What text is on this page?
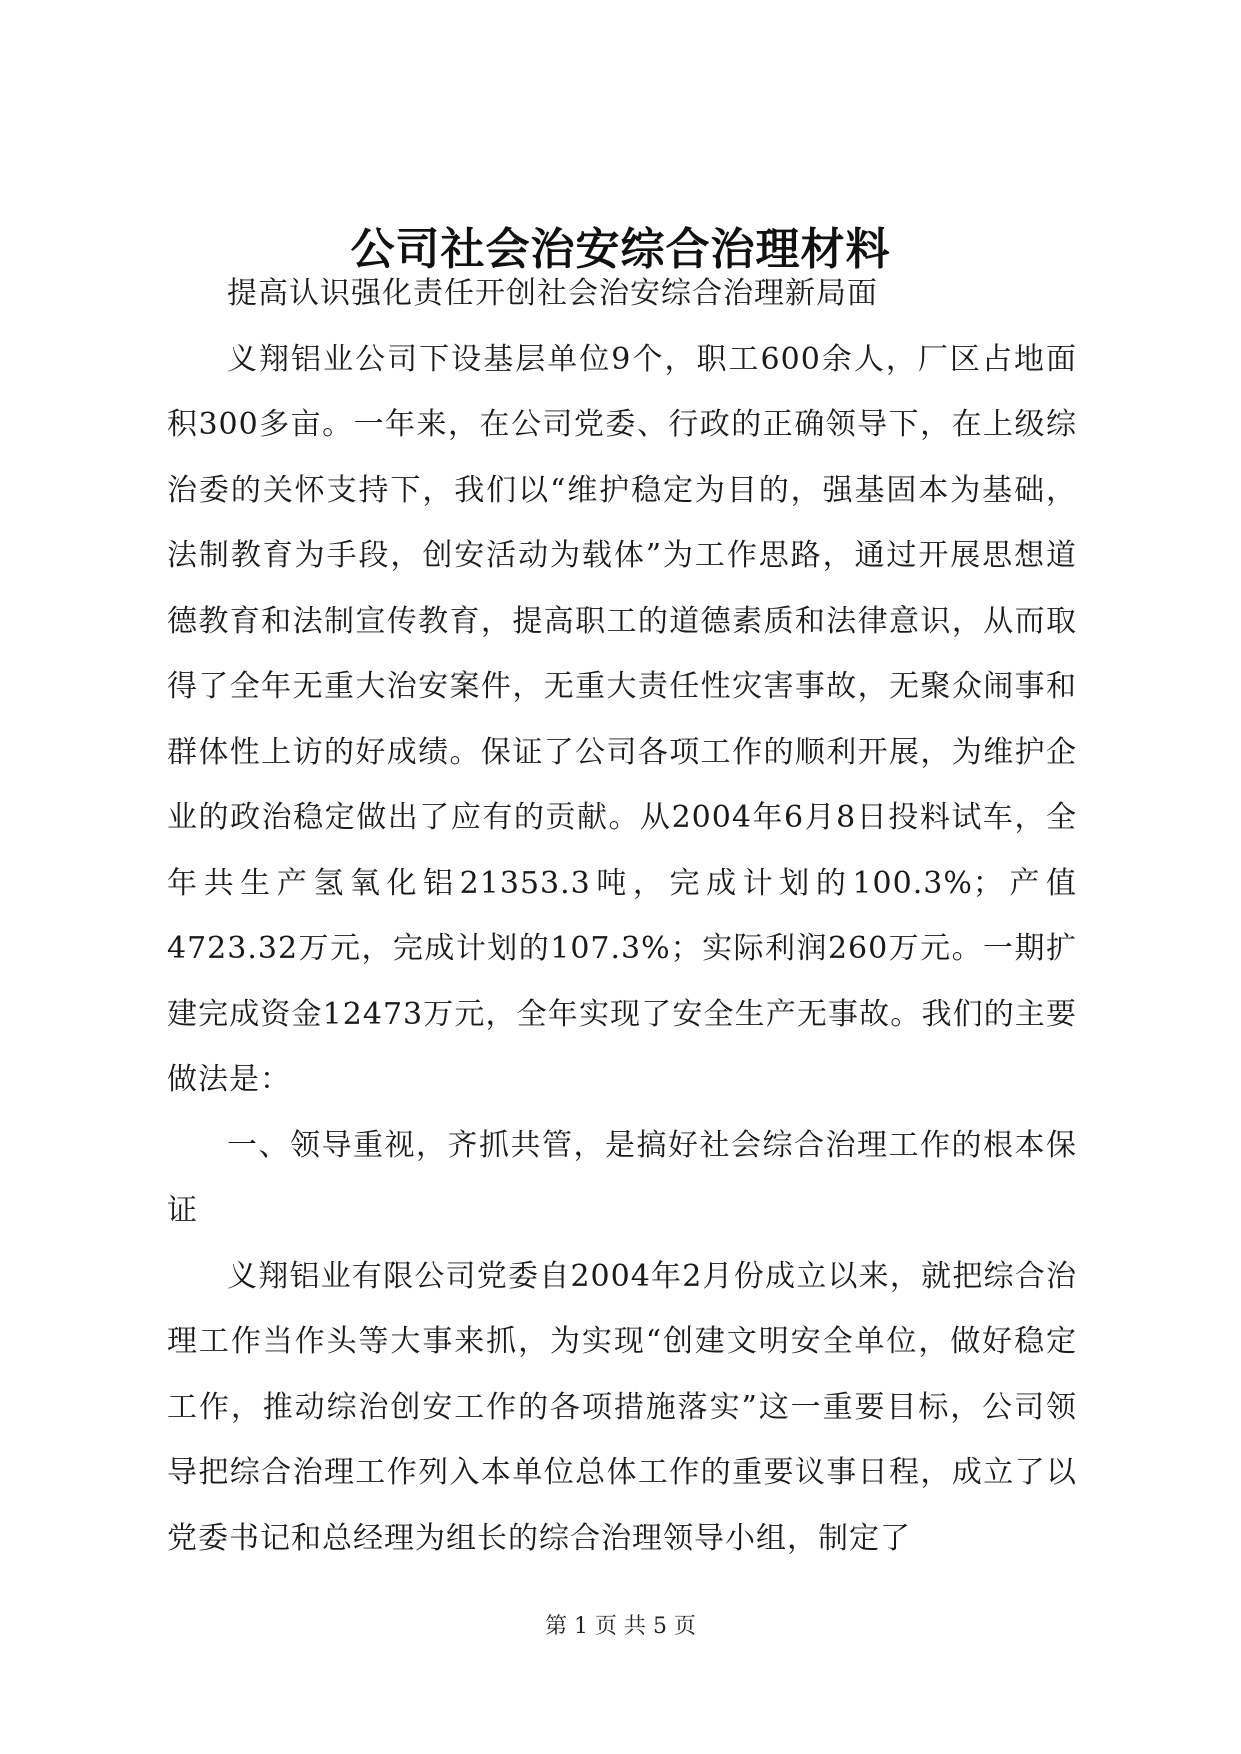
公司社会治安综合治理材料

提高认识强化责任开创社会治安综合治理新局面

义翔铝业公司下设基层单位9个，职工600余人，厂区占地面积300多亩。一年来，在公司党委、行政的正确领导下，在上级综治委的关怀支持下，我们以“维护稳定为目的，强基固本为基础，法制教育为手段，创安活动为载体”为工作思路，通过开展思想道德教育和法制宣传教育，提高职工的道德素质和法律意识，从而取得了全年无重大治安案件，无重大责任性灾害事故，无聚众闹事和群体性上访的好成绩。保证了公司各项工作的顺利开展，为维护企业的政治稳定做出了应有的贡献。从2004年6月8日投料试车，全年共生产氢氧化铝21353.3吨，完成计划的100.3%；产值4723.32万元，完成计划的107.3%；实际利润260万元。一期扩建完成资金12473万元，全年实现了安全生产无事故。我们的主要做法是：

一、领导重视，齐抓共管，是搞好社会综合治理工作的根本保证

义翔铝业有限公司党委自2004年2月份成立以来，就把综合治理工作当作头等大事来抓，为实现“创建文明安全单位，做好稳定工作，推动综治创安工作的各项措施落实”这一重要目标，公司领导把综合治理工作列入本单位总体工作的重要议事日程，成立了以党委书记和总经理为组长的综合治理领导小组，制定了

第 1 页 共 5 页
